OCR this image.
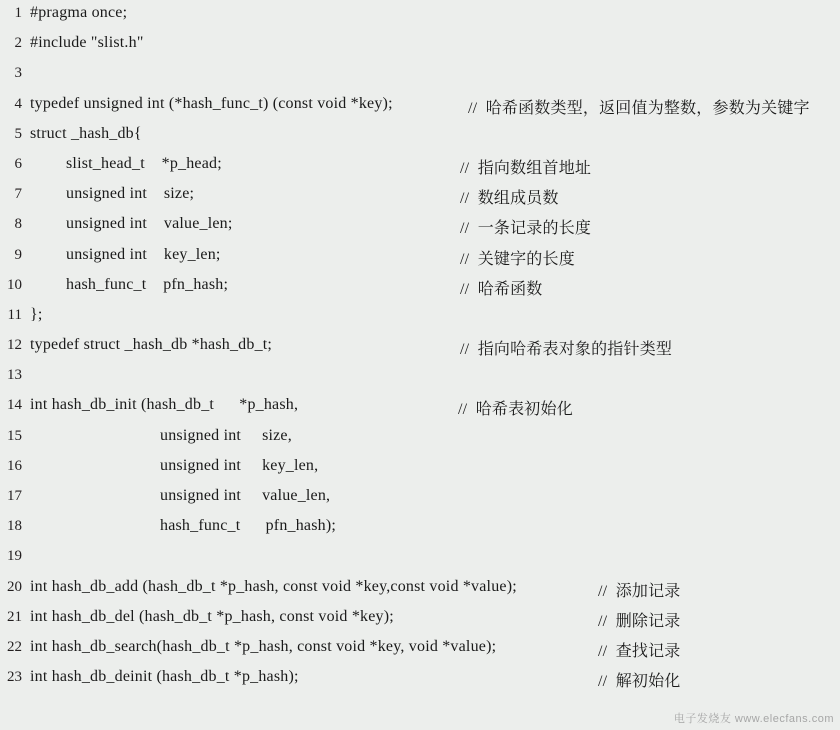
1 #pragma once;
2 #include "slist.h"
3
4 typedef unsigned int (*hash_func_t) (const void *key);	//  哈希函数类型，返回值为整数，参数为关键字
5 struct _hash_db{
6	slist_head_t    *p_head;	//  指向数组首地址
7	unsigned int    size;	//  数组成员数
8	unsigned int    value_len;	//  一条记录的长度
9	unsigned int    key_len;	//  关键字的长度
10	hash_func_t    pfn_hash;	//  哈希函数
11 };
12 typedef struct _hash_db *hash_db_t;	//  指向哈希表对象的指针类型
13
14 int hash_db_init (hash_db_t      *p_hash,	//  哈希表初始化
15	unsigned int     size,
16	unsigned int     key_len,
17	unsigned int     value_len,
18	hash_func_t      pfn_hash);
19
20 int hash_db_add (hash_db_t *p_hash, const void *key,const void *value);	//  添加记录
21 int hash_db_del (hash_db_t *p_hash, const void *key);	//  删除记录
22 int hash_db_search(hash_db_t *p_hash, const void *key, void *value);	//  查找记录
23 int hash_db_deinit (hash_db_t *p_hash);	//  解初始化
电子发烧友 www.elecfans.com
